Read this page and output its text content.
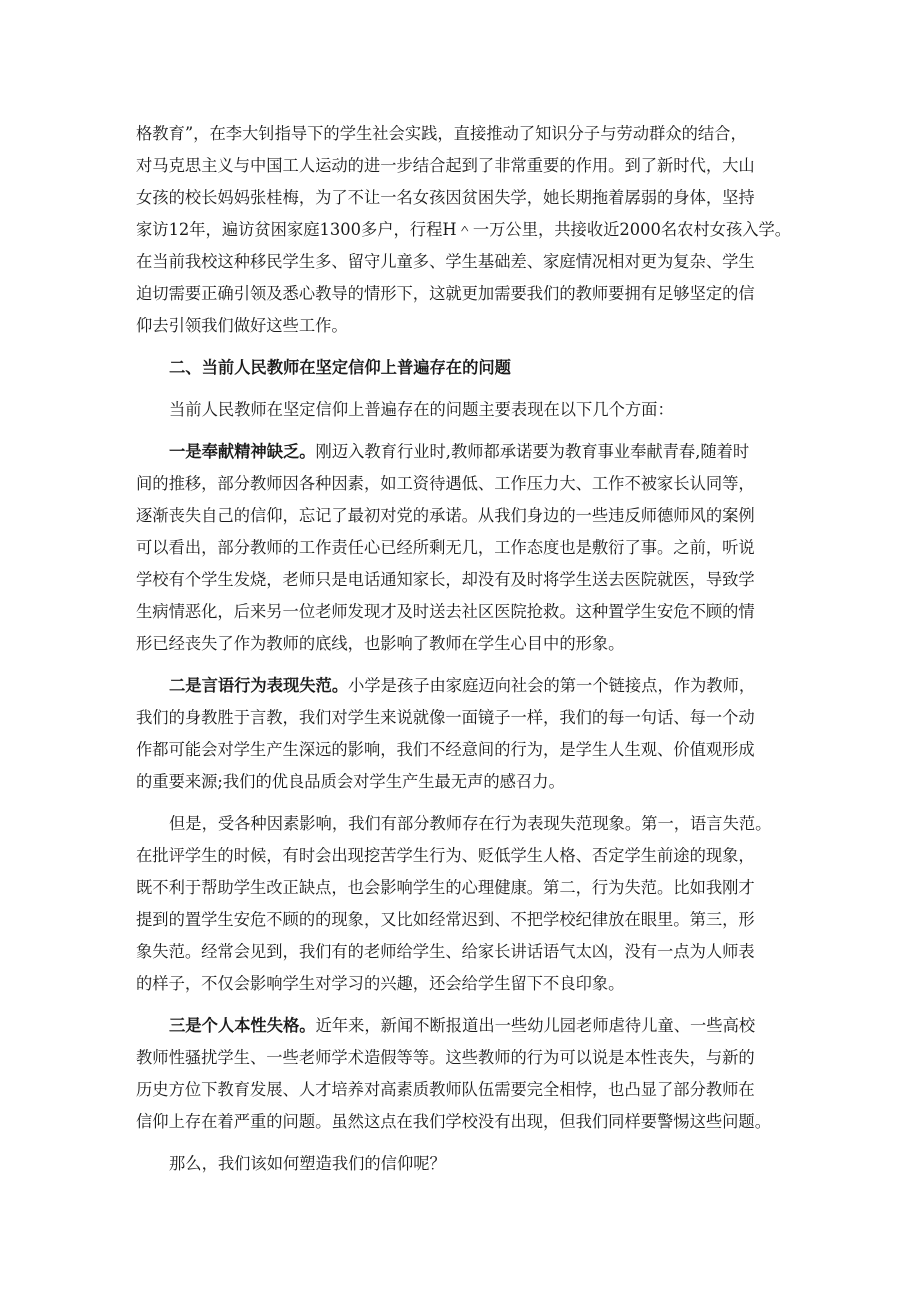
格教育”，在李大钊指导下的学生社会实践，直接推动了知识分子与劳动群众的结合，
对马克思主义与中国工人运动的进一步结合起到了非常重要的作用。到了新时代，大山
女孩的校长妈妈张桂梅，为了不让一名女孩因贫困失学，她长期拖着孱弱的身体，坚持
家访12年，遍访贫困家庭1300多户，行程H＾一万公里，共接收近2000名农村女孩入学。
在当前我校这种移民学生多、留守儿童多、学生基础差、家庭情况相对更为复杂、学生
迫切需要正确引领及悉心教导的情形下，这就更加需要我们的教师要拥有足够坚定的信
仰去引领我们做好这些工作。
二、当前人民教师在坚定信仰上普遍存在的问题
当前人民教师在坚定信仰上普遍存在的问题主要表现在以下几个方面：
一是奉献精神缺乏。刚迈入教育行业时,教师都承诺要为教育事业奉献青春,随着时
间的推移，部分教师因各种因素，如工资待遇低、工作压力大、工作不被家长认同等，
逐渐丧失自己的信仰，忘记了最初对党的承诺。从我们身边的一些违反师德师风的案例
可以看出，部分教师的工作责任心已经所剩无几，工作态度也是敷衍了事。之前，听说
学校有个学生发烧，老师只是电话通知家长，却没有及时将学生送去医院就医，导致学
生病情恶化，后来另一位老师发现才及时送去社区医院抢救。这种置学生安危不顾的情
形已经丧失了作为教师的底线，也影响了教师在学生心目中的形象。
二是言语行为表现失范。小学是孩子由家庭迈向社会的第一个链接点，作为教师，
我们的身教胜于言教，我们对学生来说就像一面镜子一样，我们的每一句话、每一个动
作都可能会对学生产生深远的影响，我们不经意间的行为，是学生人生观、价值观形成
的重要来源;我们的优良品质会对学生产生最无声的感召力。
但是，受各种因素影响，我们有部分教师存在行为表现失范现象。第一，语言失范。
在批评学生的时候，有时会出现挖苦学生行为、贬低学生人格、否定学生前途的现象，
既不利于帮助学生改正缺点，也会影响学生的心理健康。第二，行为失范。比如我刚才
提到的置学生安危不顾的的现象，又比如经常迟到、不把学校纪律放在眼里。第三，形
象失范。经常会见到，我们有的老师给学生、给家长讲话语气太凶，没有一点为人师表
的样子，不仅会影响学生对学习的兴趣，还会给学生留下不良印象。
三是个人本性失格。近年来，新闻不断报道出一些幼儿园老师虐待儿童、一些高校
教师性骚扰学生、一些老师学术造假等等。这些教师的行为可以说是本性丧失，与新的
历史方位下教育发展、人才培养对高素质教师队伍需要完全相悖，也凸显了部分教师在
信仰上存在着严重的问题。虽然这点在我们学校没有出现，但我们同样要警惕这些问题。
那么，我们该如何塑造我们的信仰呢？
